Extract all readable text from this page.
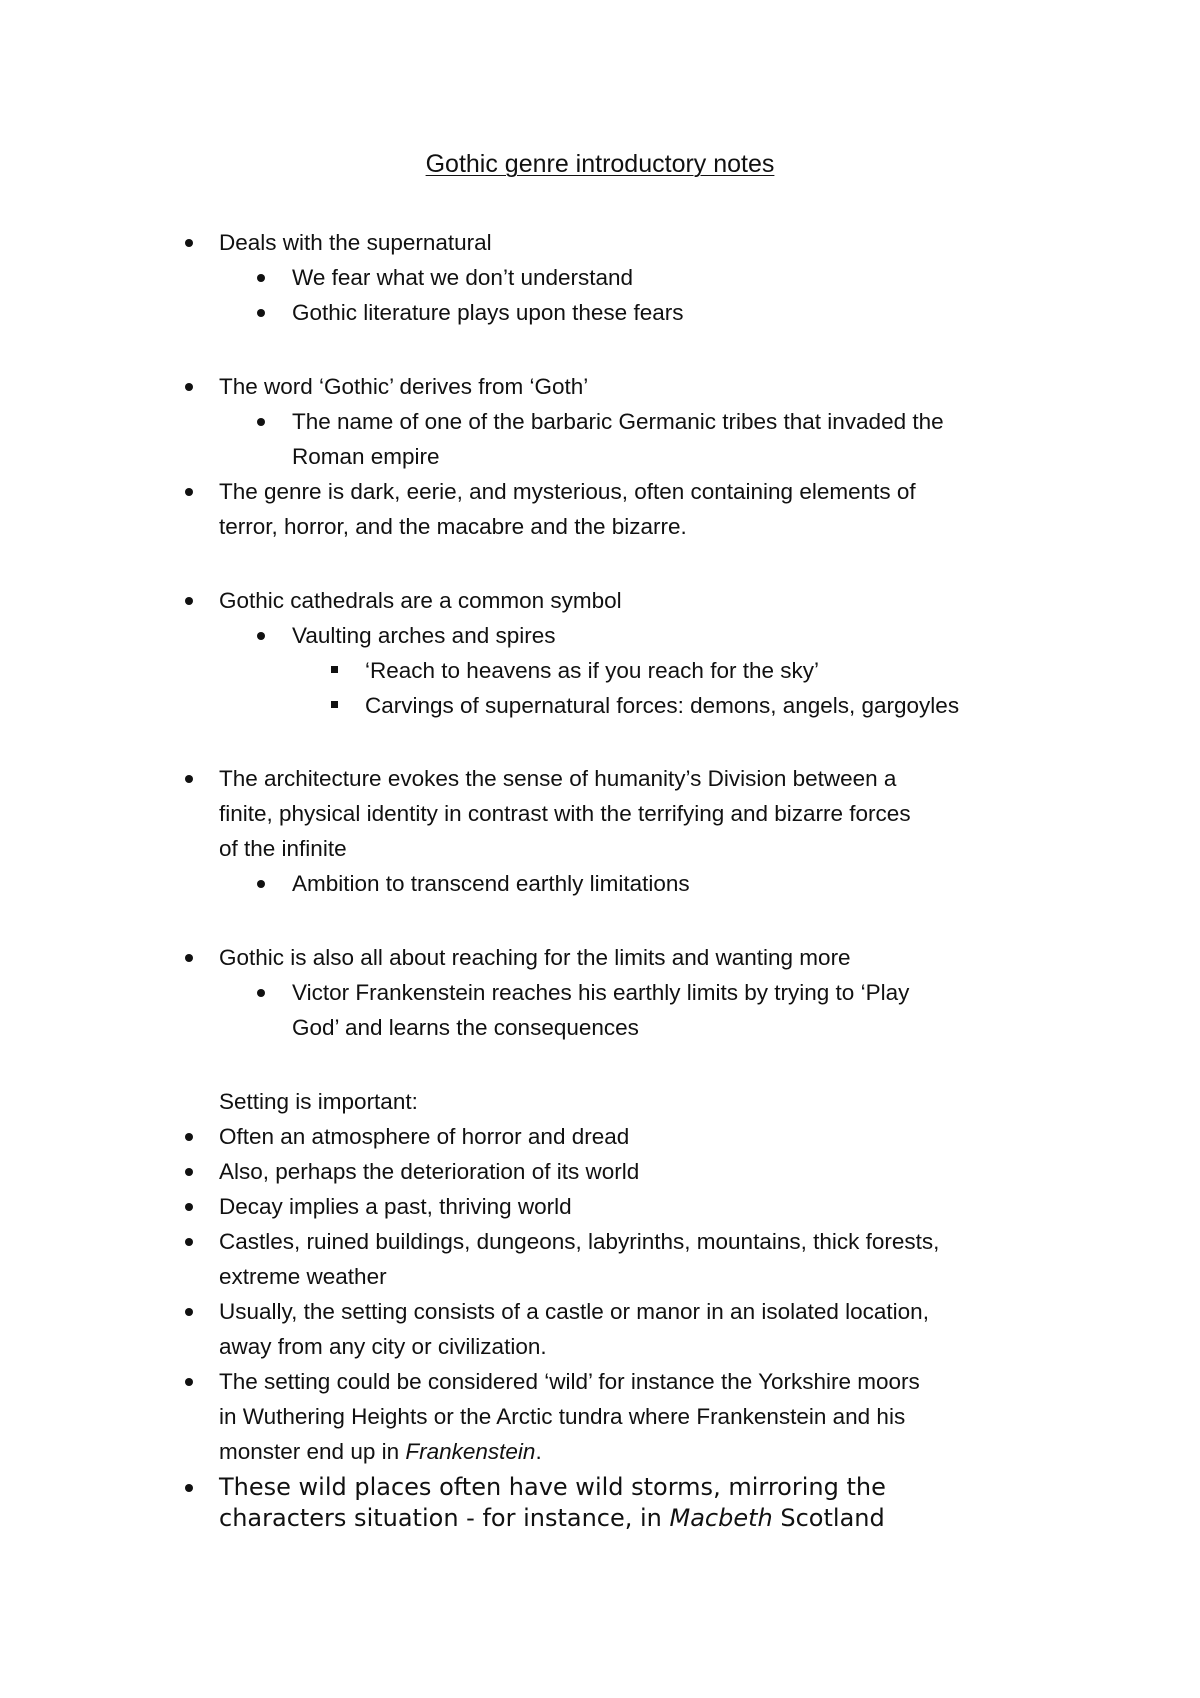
Gothic genre introductory notes
Deals with the supernatural
We fear what we don’t understand
Gothic literature plays upon these fears
The word ‘Gothic’ derives from ‘Goth’
The name of one of the barbaric Germanic tribes that invaded the
Roman empire
The genre is dark, eerie, and mysterious, often containing elements of
terror, horror, and the macabre and the bizarre.
Gothic cathedrals are a common symbol
Vaulting arches and spires
‘Reach to heavens as if you reach for the sky’
Carvings of supernatural forces: demons, angels, gargoyles
The architecture evokes the sense of humanity’s Division between a
finite, physical identity in contrast with the terrifying and bizarre forces
of the infinite
Ambition to transcend earthly limitations
Gothic is also all about reaching for the limits and wanting more
Victor Frankenstein reaches his earthly limits by trying to ‘Play
God’ and learns the consequences
Setting is important:
Often an atmosphere of horror and dread
Also, perhaps the deterioration of its world
Decay implies a past, thriving world
Castles, ruined buildings, dungeons, labyrinths, mountains, thick forests,
extreme weather
Usually, the setting consists of a castle or manor in an isolated location,
away from any city or civilization.
The setting could be considered ‘wild’ for instance the Yorkshire moors
in Wuthering Heights or the Arctic tundra where Frankenstein and his
monster end up in Frankenstein.
These wild places often have wild storms, mirroring the
characters situation - for instance, in Macbeth Scotland
